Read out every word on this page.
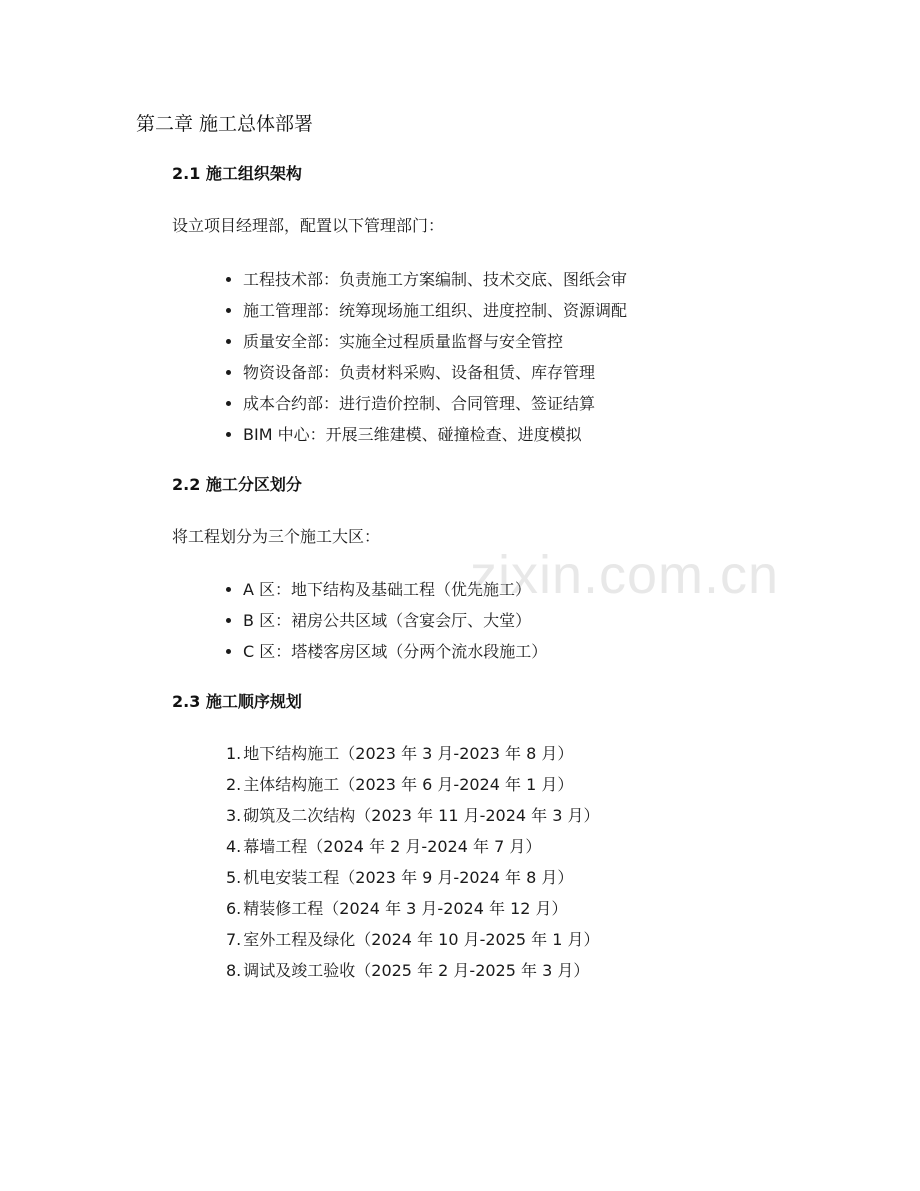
第二章 施工总体部署
2.1 施工组织架构

设立项目经理部，配置以下管理部门：

工程技术部：负责施工方案编制、技术交底、图纸会审
施工管理部：统筹现场施工组织、进度控制、资源调配
质量安全部：实施全过程质量监督与安全管控
物资设备部：负责材料采购、设备租赁、库存管理
成本合约部：进行造价控制、合同管理、签证结算
BIM 中心：开展三维建模、碰撞检查、进度模拟
2.2 施工分区划分

将工程划分为三个施工大区：

A 区：地下结构及基础工程（优先施工）
B 区：裙房公共区域（含宴会厅、大堂）
C 区：塔楼客房区域（分两个流水段施工）
2.3 施工顺序规划
1. 地下结构施工（2023 年 3 月-2023 年 8 月）
2. 主体结构施工（2023 年 6 月-2024 年 1 月）
3. 砌筑及二次结构（2023 年 11 月-2024 年 3 月）
4. 幕墙工程（2024 年 2 月-2024 年 7 月）
5. 机电安装工程（2023 年 9 月-2024 年 8 月）
6. 精装修工程（2024 年 3 月-2024 年 12 月）
7. 室外工程及绿化（2024 年 10 月-2025 年 1 月）
8. 调试及竣工验收（2025 年 2 月-2025 年 3 月）
zixin.com.cn
